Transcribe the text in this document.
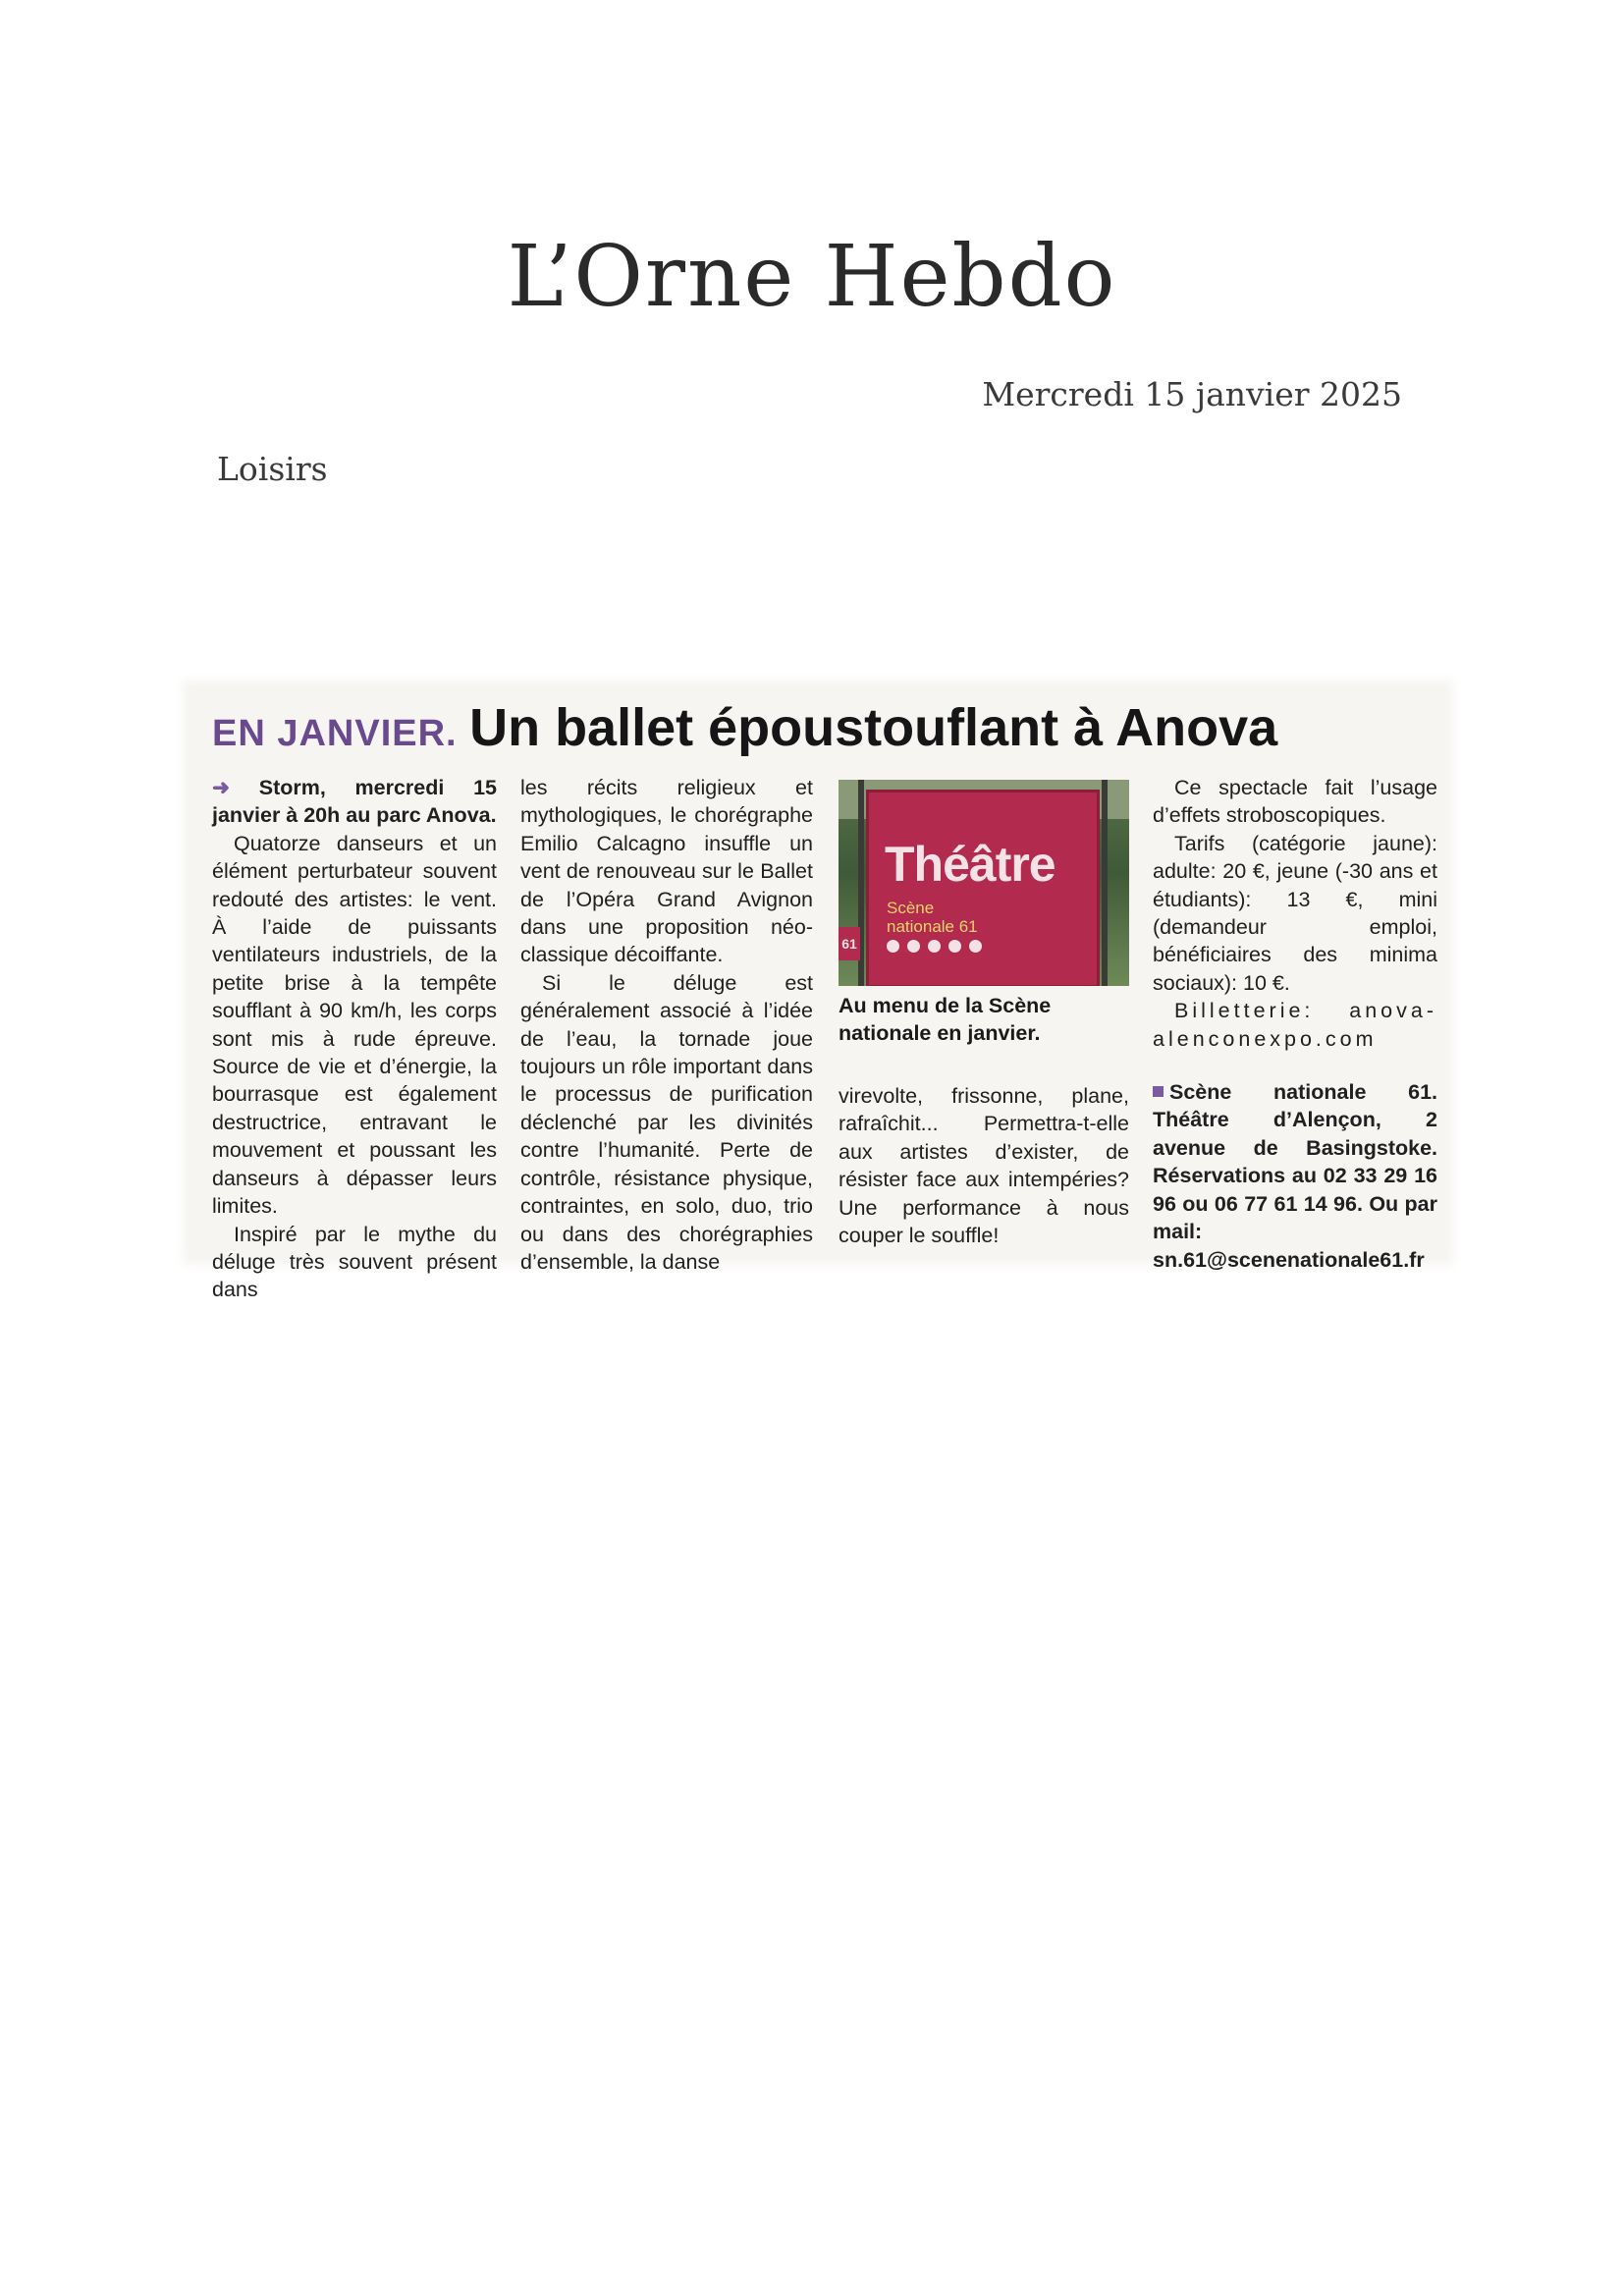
L’Orne Hebdo
Mercredi 15 janvier 2025
Loisirs
EN JANVIER. Un ballet époustouflant à Anova

➜ Storm, mercredi 15 janvier à 20h au parc Anova.

Quatorze danseurs et un élément perturbateur souvent redouté des artistes: le vent. À l’aide de puissants ventilateurs industriels, de la petite brise à la tempête soufflant à 90 km/h, les corps sont mis à rude épreuve. Source de vie et d’énergie, la bourrasque est également destructrice, entravant le mouvement et poussant les danseurs à dépasser leurs limites.

Inspiré par le mythe du déluge très souvent présent dans

les récits religieux et mythologiques, le chorégraphe Emilio Calcagno insuffle un vent de renouveau sur le Ballet de l’Opéra Grand Avignon dans une proposition néo-classique décoiffante.

Si le déluge est généralement associé à l’idée de l’eau, la tornade joue toujours un rôle important dans le processus de purification déclenché par les divinités contre l’humanité. Perte de contrôle, résistance physique, contraintes, en solo, duo, trio ou dans des chorégraphies d’ensemble, la danse

61
Théâtre
Scène
nationale 61
Au menu de la Scène nationale en janvier.

virevolte, frissonne, plane, rafraîchit... Permettra-t-elle aux artistes d’exister, de résister face aux intempéries? Une performance à nous couper le souffle!

Ce spectacle fait l’usage d’effets stroboscopiques.

Tarifs (catégorie jaune): adulte: 20 €, jeune (-30 ans et étudiants): 13 €, mini (demandeur emploi, bénéficiaires des minima sociaux): 10 €.

Billetterie: anova-alenconexpo.com

Scène nationale 61. Théâtre d’Alençon, 2 avenue de Basingstoke. Réservations au 02 33 29 16 96 ou 06 77 61 14 96. Ou par mail: sn.61@scenenationale61.fr
